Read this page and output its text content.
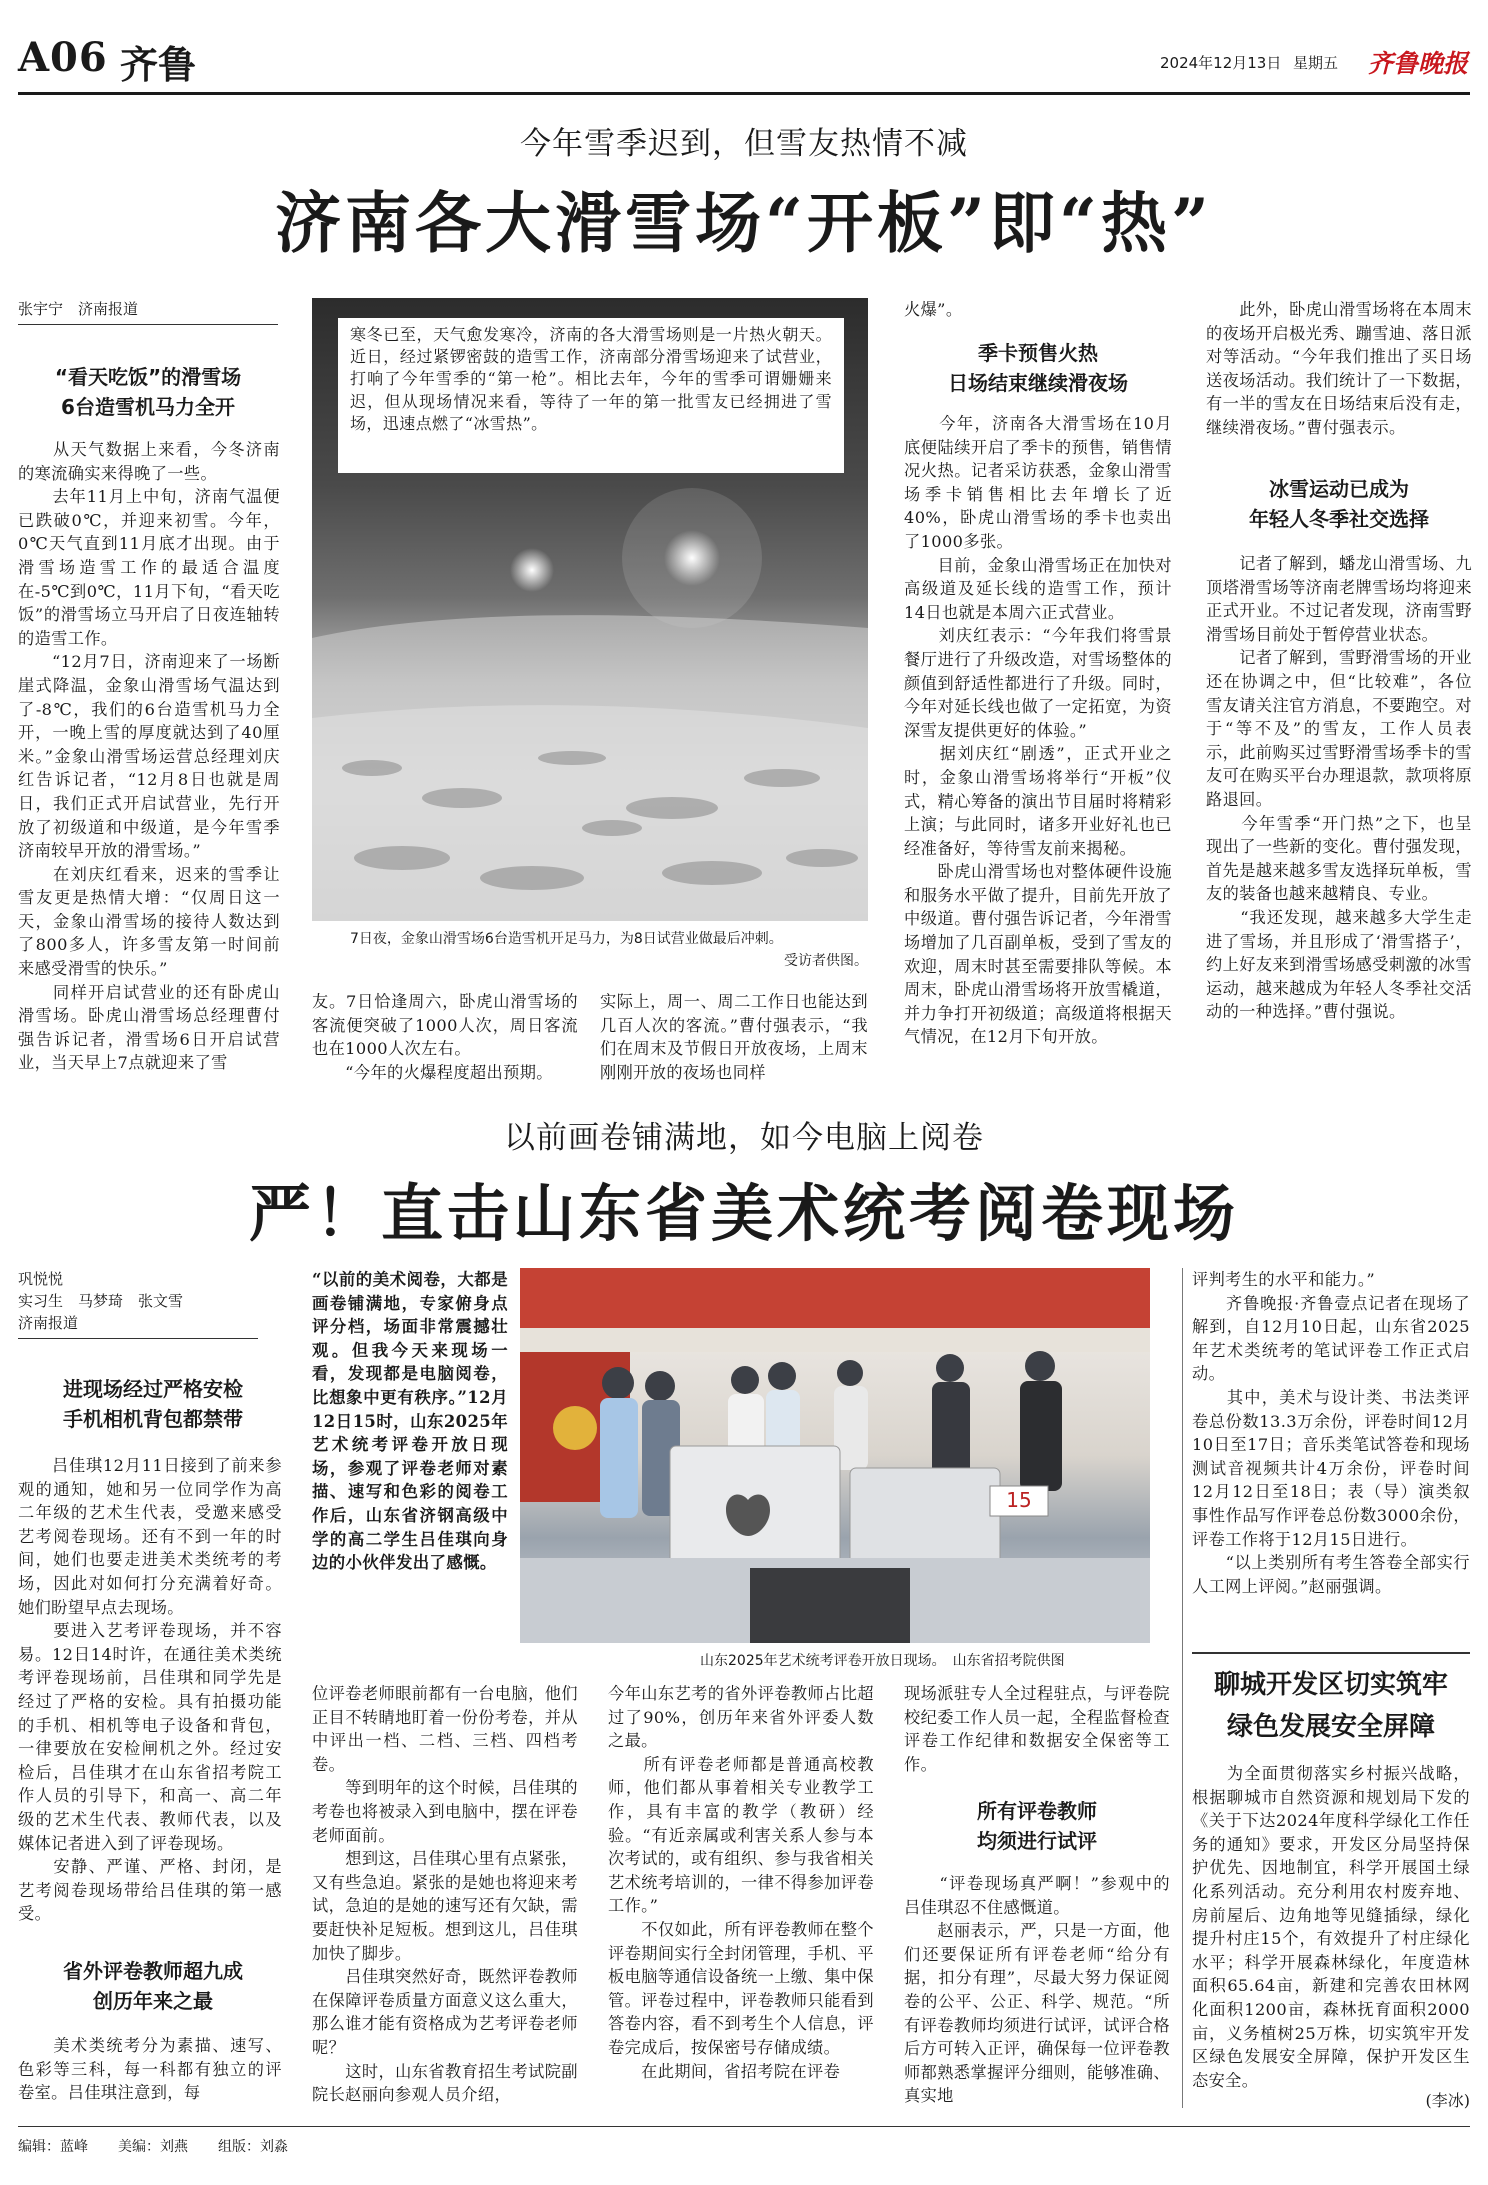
A06 齐鲁	2024年12月13日 星期五 齐鲁晚报
今年雪季迟到，但雪友热情不减
济南各大滑雪场“开板”即“热”
张宇宁　济南报道
“看天吃饭”的滑雪场
6台造雪机马力全开
　　从天气数据上来看，今冬济南的寒流确实来得晚了一些。
　　去年11月上中旬，济南气温便已跌破0℃，并迎来初雪。今年，0℃天气直到11月底才出现。由于滑雪场造雪工作的最适合温度在-5℃到0℃，11月下旬，“看天吃饭”的滑雪场立马开启了日夜连轴转的造雪工作。
　　“12月7日，济南迎来了一场断崖式降温，金象山滑雪场气温达到了-8℃，我们的6台造雪机马力全开，一晚上雪的厚度就达到了40厘米。”金象山滑雪场运营总经理刘庆红告诉记者，“12月8日也就是周日，我们正式开启试营业，先行开放了初级道和中级道，是今年雪季济南较早开放的滑雪场。”
　　在刘庆红看来，迟来的雪季让雪友更是热情大增：“仅周日这一天，金象山滑雪场的接待人数达到了800多人，许多雪友第一时间前来感受滑雪的快乐。”
　　同样开启试营业的还有卧虎山滑雪场。卧虎山滑雪场总经理曹付强告诉记者，滑雪场6日开启试营业，当天早上7点就迎来了雪
寒冬已至，天气愈发寒冷，济南的各大滑雪场则是一片热火朝天。近日，经过紧锣密鼓的造雪工作，济南部分滑雪场迎来了试营业，打响了今年雪季的“第一枪”。相比去年，今年的雪季可谓姗姗来迟，但从现场情况来看，等待了一年的第一批雪友已经拥进了雪场，迅速点燃了“冰雪热”。
7日夜，金象山滑雪场6台造雪机开足马力，为8日试营业做最后冲刺。
受访者供图。
友。7日恰逢周六，卧虎山滑雪场的客流便突破了1000人次，周日客流也在1000人次左右。
　　“今年的火爆程度超出预期。
实际上，周一、周二工作日也能达到几百人次的客流。”曹付强表示，“我们在周末及节假日开放夜场，上周末刚刚开放的夜场也同样
火爆”。
季卡预售火热
日场结束继续滑夜场
　　今年，济南各大滑雪场在10月底便陆续开启了季卡的预售，销售情况火热。记者采访获悉，金象山滑雪场季卡销售相比去年增长了近40%，卧虎山滑雪场的季卡也卖出了1000多张。
　　目前，金象山滑雪场正在加快对高级道及延长线的造雪工作，预计14日也就是本周六正式营业。
　　刘庆红表示：“今年我们将雪景餐厅进行了升级改造，对雪场整体的颜值到舒适性都进行了升级。同时，今年对延长线也做了一定拓宽，为资深雪友提供更好的体验。”
　　据刘庆红“剧透”，正式开业之时，金象山滑雪场将举行“开板”仪式，精心筹备的演出节目届时将精彩上演；与此同时，诸多开业好礼也已经准备好，等待雪友前来揭秘。
　　卧虎山滑雪场也对整体硬件设施和服务水平做了提升，目前先开放了中级道。曹付强告诉记者，今年滑雪场增加了几百副单板，受到了雪友的欢迎，周末时甚至需要排队等候。本周末，卧虎山滑雪场将开放雪橇道，并力争打开初级道；高级道将根据天气情况，在12月下旬开放。
　　此外，卧虎山滑雪场将在本周末的夜场开启极光秀、蹦雪迪、落日派对等活动。“今年我们推出了买日场送夜场活动。我们统计了一下数据，有一半的雪友在日场结束后没有走，继续滑夜场。”曹付强表示。
冰雪运动已成为
年轻人冬季社交选择
　　记者了解到，蟠龙山滑雪场、九顶塔滑雪场等济南老牌雪场均将迎来正式开业。不过记者发现，济南雪野滑雪场目前处于暂停营业状态。
　　记者了解到，雪野滑雪场的开业还在协调之中，但“比较难”，各位雪友请关注官方消息，不要跑空。对于“等不及”的雪友，工作人员表示，此前购买过雪野滑雪场季卡的雪友可在购买平台办理退款，款项将原路退回。
　　今年雪季“开门热”之下，也呈现出了一些新的变化。曹付强发现，首先是越来越多雪友选择玩单板，雪友的装备也越来越精良、专业。
　　“我还发现，越来越多大学生走进了雪场，并且形成了‘滑雪搭子’，约上好友来到滑雪场感受刺激的冰雪运动，越来越成为年轻人冬季社交活动的一种选择。”曹付强说。
以前画卷铺满地，如今电脑上阅卷
严！直击山东省美术统考阅卷现场
巩悦悦
实习生　马梦琦　张文雪
济南报道
进现场经过严格安检
手机相机背包都禁带
　　吕佳琪12月11日接到了前来参观的通知，她和另一位同学作为高二年级的艺术生代表，受邀来感受艺考阅卷现场。还有不到一年的时间，她们也要走进美术类统考的考场，因此对如何打分充满着好奇。她们盼望早点去现场。
　　要进入艺考评卷现场，并不容易。12日14时许，在通往美术类统考评卷现场前，吕佳琪和同学先是经过了严格的安检。具有拍摄功能的手机、相机等电子设备和背包，一律要放在安检闸机之外。经过安检后，吕佳琪才在山东省招考院工作人员的引导下，和高一、高二年级的艺术生代表、教师代表，以及媒体记者进入到了评卷现场。
　　安静、严谨、严格、封闭，是艺考阅卷现场带给吕佳琪的第一感受。
省外评卷教师超九成
创历年来之最
　　美术类统考分为素描、速写、色彩等三科，每一科都有独立的评卷室。吕佳琪注意到，每
“以前的美术阅卷，大都是画卷铺满地，专家俯身点评分档，场面非常震撼壮观。但我今天来现场一看，发现都是电脑阅卷，比想象中更有秩序。”12月12日15时，山东2025年艺术统考评卷开放日现场，参观了评卷老师对素描、速写和色彩的阅卷工作后，山东省济钢高级中学的高二学生吕佳琪向身边的小伙伴发出了感慨。
15
山东2025年艺术统考评卷开放日现场。　山东省招考院供图
位评卷老师眼前都有一台电脑，他们正目不转睛地盯着一份份考卷，并从中评出一档、二档、三档、四档考卷。
　　等到明年的这个时候，吕佳琪的考卷也将被录入到电脑中，摆在评卷老师面前。
　　想到这，吕佳琪心里有点紧张，又有些急迫。紧张的是她也将迎来考试，急迫的是她的速写还有欠缺，需要赶快补足短板。想到这儿，吕佳琪加快了脚步。
　　吕佳琪突然好奇，既然评卷教师在保障评卷质量方面意义这么重大，那么谁才能有资格成为艺考评卷老师呢？
　　这时，山东省教育招生考试院副院长赵丽向参观人员介绍，
今年山东艺考的省外评卷教师占比超过了90%，创历年来省外评委人数之最。
　　所有评卷老师都是普通高校教师，他们都从事着相关专业教学工作，具有丰富的教学（教研）经验。“有近亲属或利害关系人参与本次考试的，或有组织、参与我省相关艺术统考培训的，一律不得参加评卷工作。”
　　不仅如此，所有评卷教师在整个评卷期间实行全封闭管理，手机、平板电脑等通信设备统一上缴、集中保管。评卷过程中，评卷教师只能看到答卷内容，看不到考生个人信息，评卷完成后，按保密号存储成绩。
　　在此期间，省招考院在评卷
现场派驻专人全过程驻点，与评卷院校纪委工作人员一起，全程监督检查评卷工作纪律和数据安全保密等工作。
所有评卷教师
均须进行试评
　　“评卷现场真严啊！”参观中的吕佳琪忍不住感慨道。
　　赵丽表示，严，只是一方面，他们还要保证所有评卷老师“给分有据，扣分有理”，尽最大努力保证阅卷的公平、公正、科学、规范。“所有评卷教师均须进行试评，试评合格后方可转入正评，确保每一位评卷教师都熟悉掌握评分细则，能够准确、真实地
评判考生的水平和能力。”
　　齐鲁晚报·齐鲁壹点记者在现场了解到，自12月10日起，山东省2025年艺术类统考的笔试评卷工作正式启动。
　　其中，美术与设计类、书法类评卷总份数13.3万余份，评卷时间12月10日至17日；音乐类笔试答卷和现场测试音视频共计4万余份，评卷时间12月12日至18日；表（导）演类叙事性作品写作评卷总份数3000余份，评卷工作将于12月15日进行。
　　“以上类别所有考生答卷全部实行人工网上评阅。”赵丽强调。
聊城开发区切实筑牢
绿色发展安全屏障
　　为全面贯彻落实乡村振兴战略，根据聊城市自然资源和规划局下发的《关于下达2024年度科学绿化工作任务的通知》要求，开发区分局坚持保护优先、因地制宜，科学开展国土绿化系列活动。充分利用农村废弃地、房前屋后、边角地等见缝插绿，绿化提升村庄15个，有效提升了村庄绿化水平；科学开展森林绿化，年度造林面积65.64亩，新建和完善农田林网化面积1200亩，森林抚育面积2000亩，义务植树25万株，切实筑牢开发区绿色发展安全屏障，保护开发区生态安全。
(李冰)
编辑：蓝峰 美编：刘燕 组版：刘淼
